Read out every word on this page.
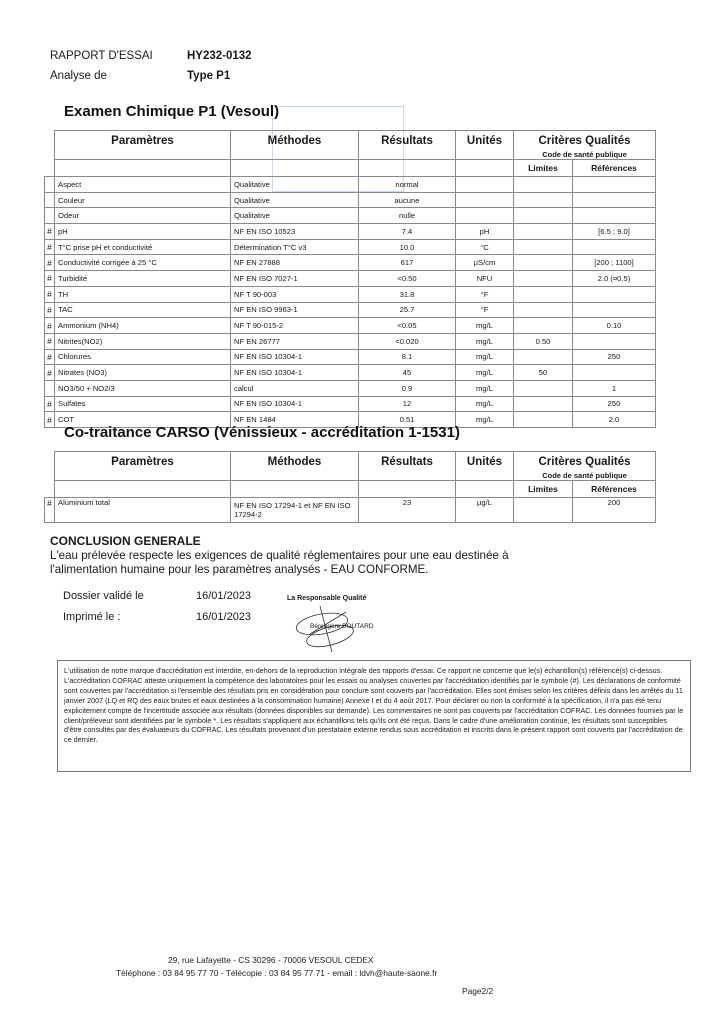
RAPPORT D'ESSAI	HY232-0132
Analyse de	Type P1
Examen Chimique P1 (Vesoul)
	Paramètres	Méthodes	Résultats	Unités	Critères Qualités
Code de santé publique	

					Limites	Références
	Aspect	Qualitative	normal			
	Couleur	Qualitative	aucune			
	Odeur	Qualitative	nulle			
#	pH	NF EN ISO 10523	7.4	pH		[6.5 ; 9.0]
#	T°C prise pH et conductivité	Détermination T°C v3	10.0	°C		
#	Conductivité corrigée à 25 °C	NF EN 27888	617	µS/cm		[200 ; 1100]
#	Turbidité	NF EN ISO 7027-1	<0.50	NFU		2.0 (¤0.5)
#	TH	NF T 90-003	31.8	°F		
#	TAC	NF EN ISO 9963-1	25.7	°F		
#	Ammonium (NH4)	NF T 90-015-2	<0.05	mg/L		0.10
#	Nitrites(NO2)	NF EN 26777	<0.020	mg/L	0.50	
#	Chlorures	NF EN ISO 10304-1	8.1	mg/L		250
#	Nitrates (NO3)	NF EN ISO 10304-1	45	mg/L	50	
	NO3/50 + NO2/3	calcul	0.9	mg/L		1
#	Sulfates	NF EN ISO 10304-1	12	mg/L		250
#	COT	NF EN 1484	0.51	mg/L		2.0
Co-traitance CARSO (Vénissieux - accréditation 1-1531)
	Paramètres	Méthodes	Résultats	Unités	Critères Qualités
Code de santé publique	

					Limites	Références
#	Aluminium total	NF EN ISO 17294-1 et NF EN ISO
17294-2	23	µg/L		200
CONCLUSION GENERALE
L'eau prélevée respecte les exigences de qualité réglementaires pour une eau destinée à
l'alimentation humaine pour les paramètres analysés - EAU CONFORME.
Dossier validé le	16/01/2023
Imprimé le :	16/01/2023
La Responsable Qualité
Bérengère BOUTARD
L'utilisation de notre marque d'accréditation est interdite, en-dehors de la reproduction intégrale des rapports d'essai. Ce rapport ne concerne que le(s) échantillon(s) référencé(s) ci-dessus. L'accréditation COFRAC atteste uniquement la compétence des laboratoires pour les essais ou analyses couvertes par l'accréditation identifiés par le symbole (#). Les déclarations de conformité sont couvertes par l'accréditation si l'ensemble des résultats pris en considération pour conclure sont couverts par l'accréditation. Elles sont émises selon les critères définis dans les arrêtés du 11 janvier 2007 (LQ et RQ des eaux brutes et eaux destinées à la consommation humaine) Annexe I et du 4 août 2017. Pour déclarer ou non la conformité à la spécification, il n'a pas été tenu explicitement compte de l'incertitude associée aux résultats (données disponibles sur demande). Les commentaires ne sont pas couverts par l'accréditation COFRAC. Les données fournies par le client/préleveur sont identifiées par le symbole *. Les résultats s'appliquent aux échantillons tels qu'ils ont été reçus. Dans le cadre d'une amélioration continue, les résultats sont susceptibles d'être consultés par des évaluateurs du COFRAC. Les résultats provenant d'un prestataire externe rendus sous accréditation et inscrits dans le présent rapport sont couverts par l'accréditation de ce dernier.
29, rue Lafayette - CS 30296 - 70006 VESOUL CEDEX
Téléphone : 03 84 95 77 70 - Télécopie : 03 84 95 77 71 - email : ldvh@haute-saone.fr
Page2/2
